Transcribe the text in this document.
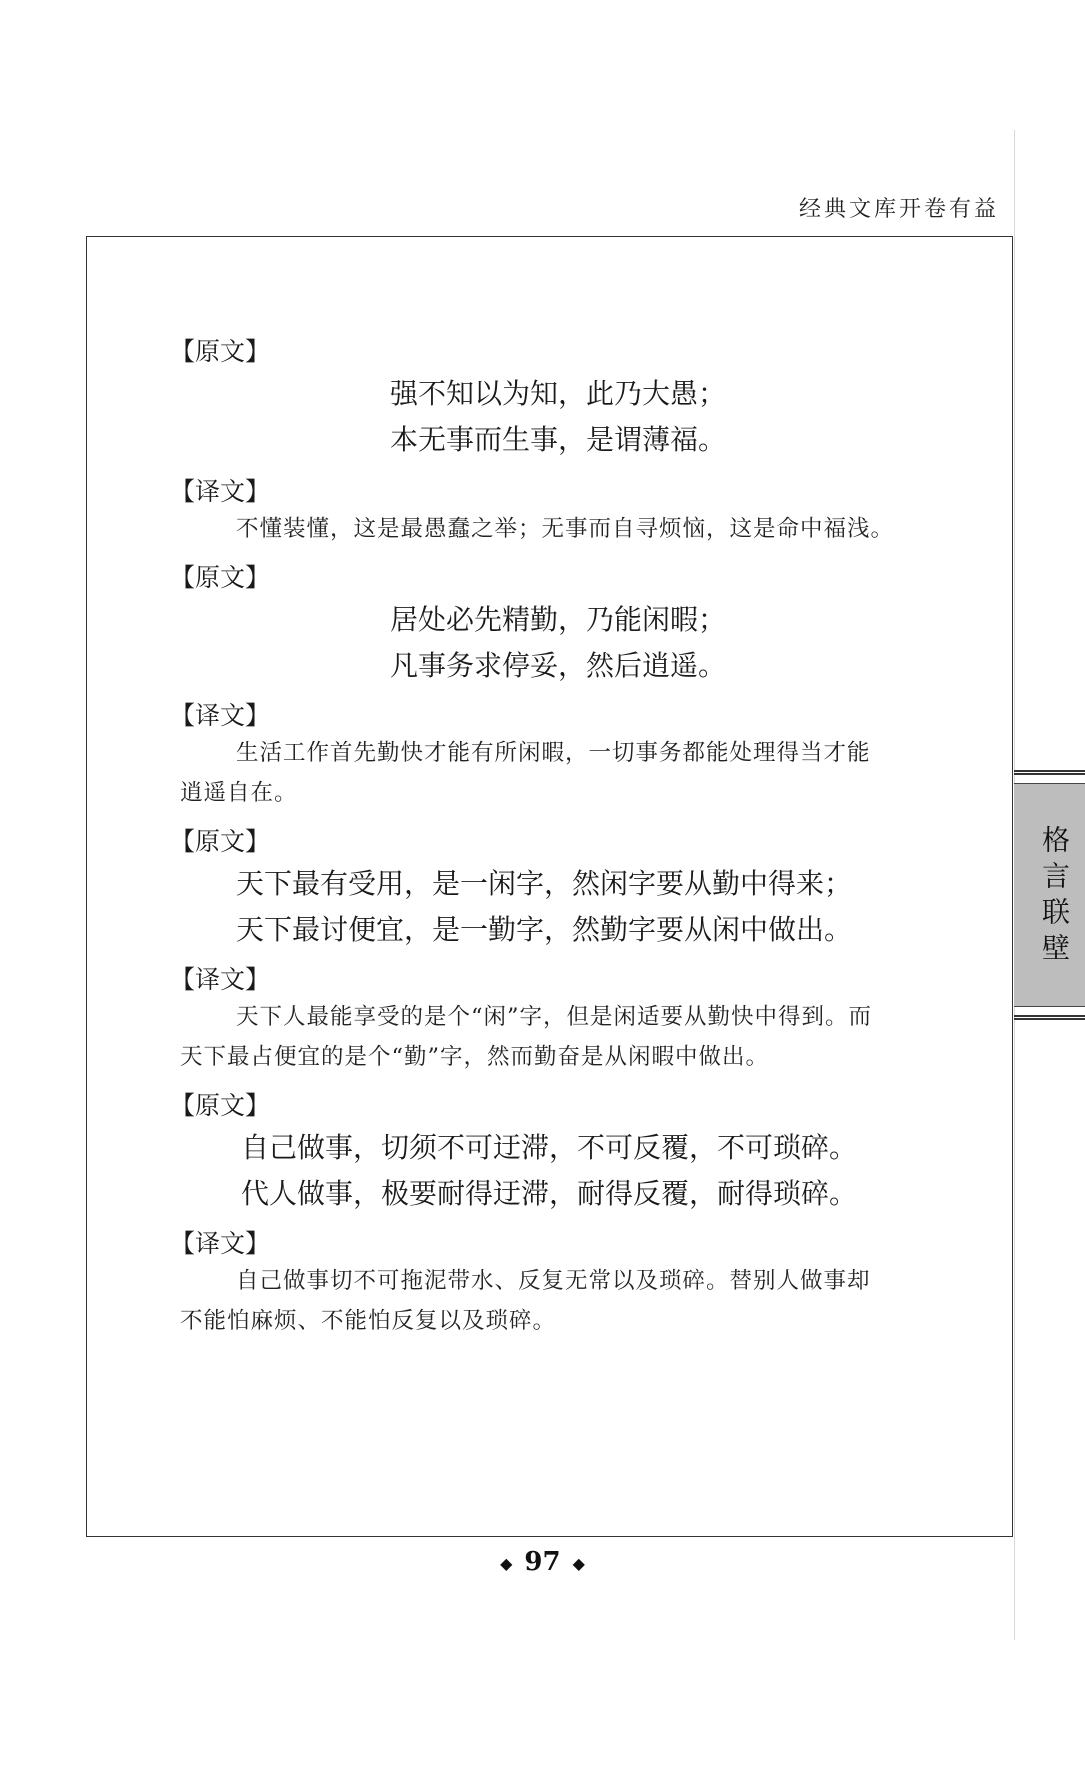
经典文库开卷有益
【原文】
强不知以为知，此乃大愚；
本无事而生事，是谓薄福。
【译文】
不懂装懂，这是最愚蠢之举；无事而自寻烦恼，这是命中福浅。
【原文】
居处必先精勤，乃能闲暇；
凡事务求停妥，然后逍遥。
【译文】
生活工作首先勤快才能有所闲暇，一切事务都能处理得当才能
逍遥自在。
【原文】
天下最有受用，是一闲字，然闲字要从勤中得来；
天下最讨便宜，是一勤字，然勤字要从闲中做出。
【译文】
天下人最能享受的是个“闲”字，但是闲适要从勤快中得到。而
天下最占便宜的是个“勤”字，然而勤奋是从闲暇中做出。
【原文】
自己做事，切须不可迂滞，不可反覆，不可琐碎。
代人做事，极要耐得迂滞，耐得反覆，耐得琐碎。
【译文】
自己做事切不可拖泥带水、反复无常以及琐碎。替别人做事却
不能怕麻烦、不能怕反复以及琐碎。
格言联壁
◆ 97 ◆
